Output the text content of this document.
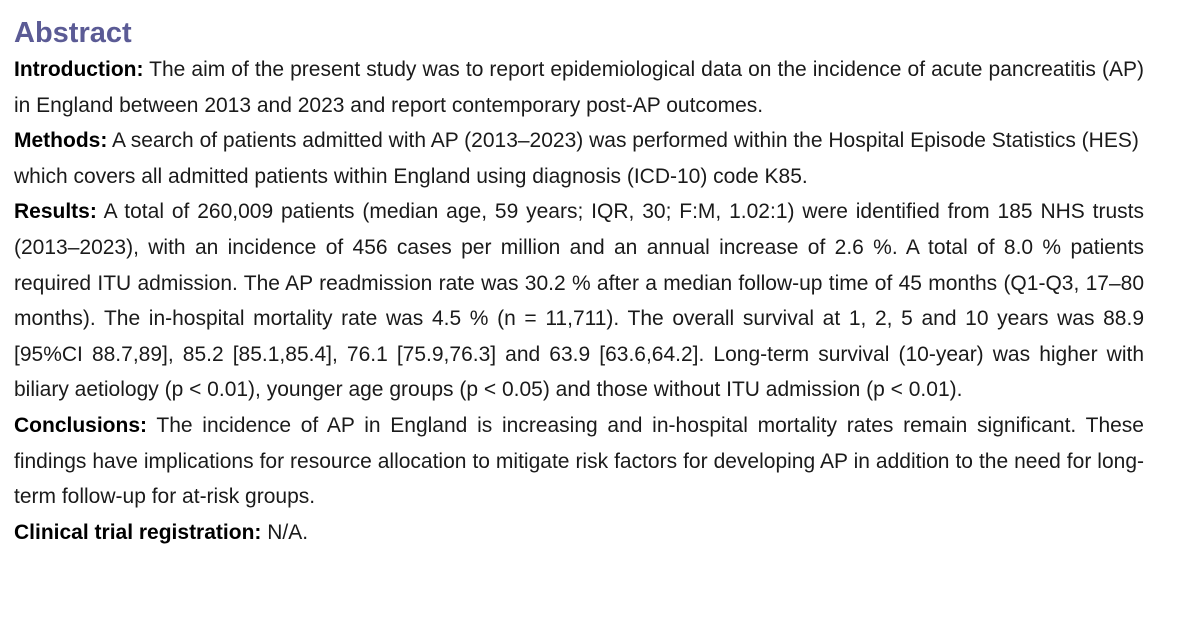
Abstract

Introduction: The aim of the present study was to report epidemiological data on the incidence of acute pancreatitis (AP) in England between 2013 and 2023 and report contemporary post-AP outcomes.

Methods: A search of patients admitted with AP (2013–2023) was performed within the Hospital Episode Statistics (HES) which covers all admitted patients within England using diagnosis (ICD-10) code K85.

Results: A total of 260,009 patients (median age, 59 years; IQR, 30; F:M, 1.02:1) were identified from 185 NHS trusts (2013–2023), with an incidence of 456 cases per million and an annual increase of 2.6 %. A total of 8.0 % patients required ITU admission. The AP readmission rate was 30.2 % after a median follow-up time of 45 months (Q1-Q3, 17–80 months). The in-hospital mortality rate was 4.5 % (n = 11,711). The overall survival at 1, 2, 5 and 10 years was 88.9 [95%CI 88.7,89], 85.2 [85.1,85.4], 76.1 [75.9,76.3] and 63.9 [63.6,64.2]. Long-term survival (10-year) was higher with biliary aetiology (p < 0.01), younger age groups (p < 0.05) and those without ITU admission (p < 0.01).

Conclusions: The incidence of AP in England is increasing and in-hospital mortality rates remain significant. These findings have implications for resource allocation to mitigate risk factors for developing AP in addition to the need for long-term follow-up for at-risk groups.

Clinical trial registration: N/A.
